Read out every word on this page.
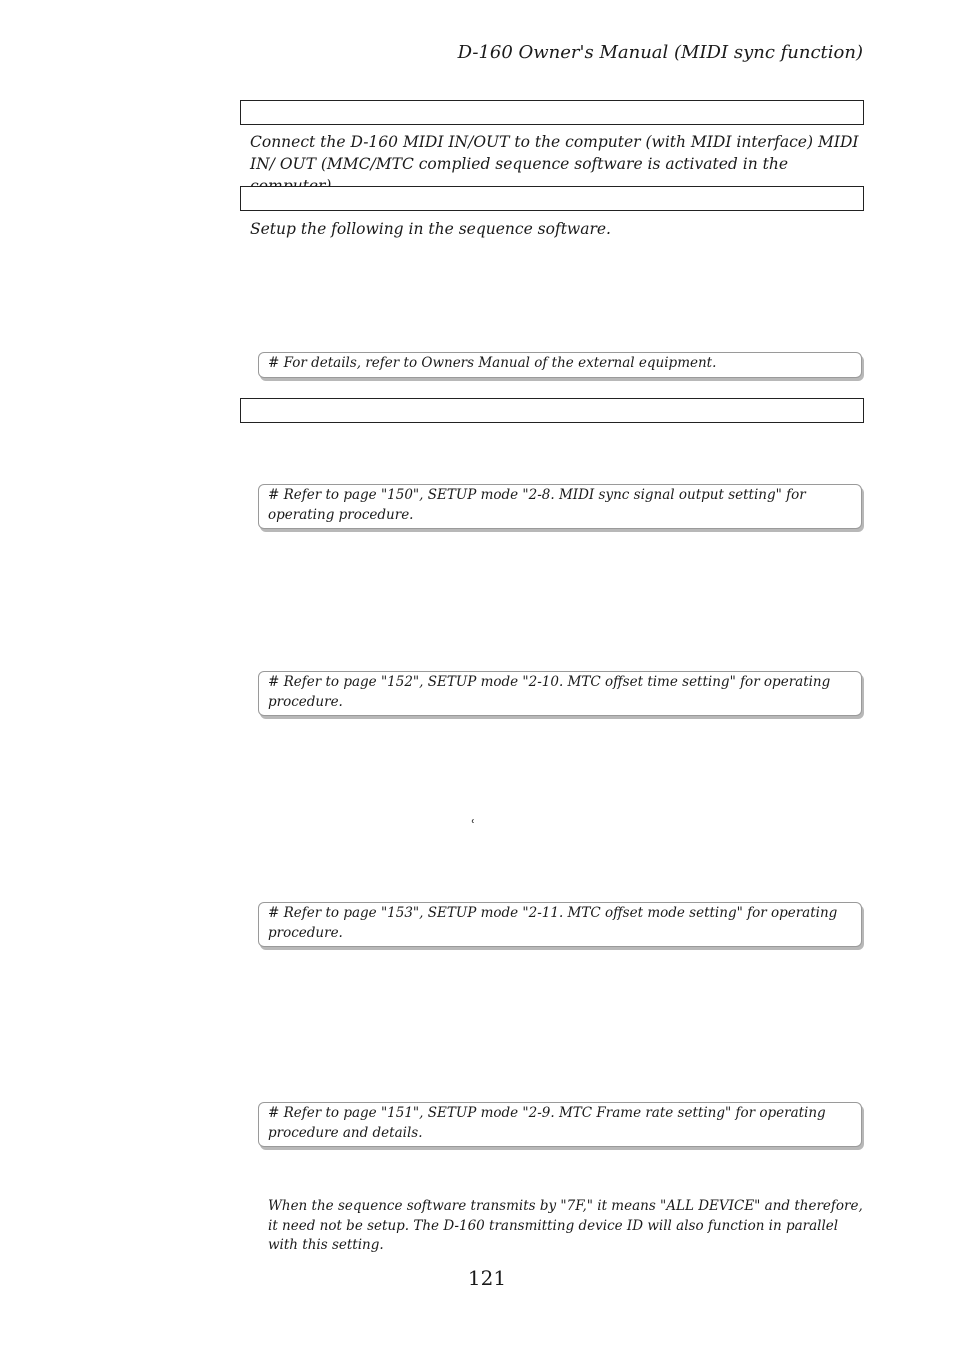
D-160 Owner's Manual (MIDI sync function)
Connect the D-160 MIDI IN/OUT to the computer (with MIDI interface) MIDI IN/ OUT (MMC/MTC complied sequence software is activated in the
Setup the following in the sequence software.
# For details, refer to Owners Manual of the external equipment.
# Refer to page "150", SETUP mode "2-8. MIDI sync signal output setting" for operating procedure.
# Refer to page "152", SETUP mode "2-10. MTC offset time setting" for operating procedure.
ʿ
# Refer to page "153", SETUP mode "2-11. MTC offset mode setting" for operating procedure.
# Refer to page "151", SETUP mode "2-9. MTC Frame rate setting" for operating procedure and details.
When the sequence software transmits by "7F," it means "ALL DEVICE" and therefore, it need not be setup. The D-160 transmitting device ID will also function in parallel with this setting.
121
